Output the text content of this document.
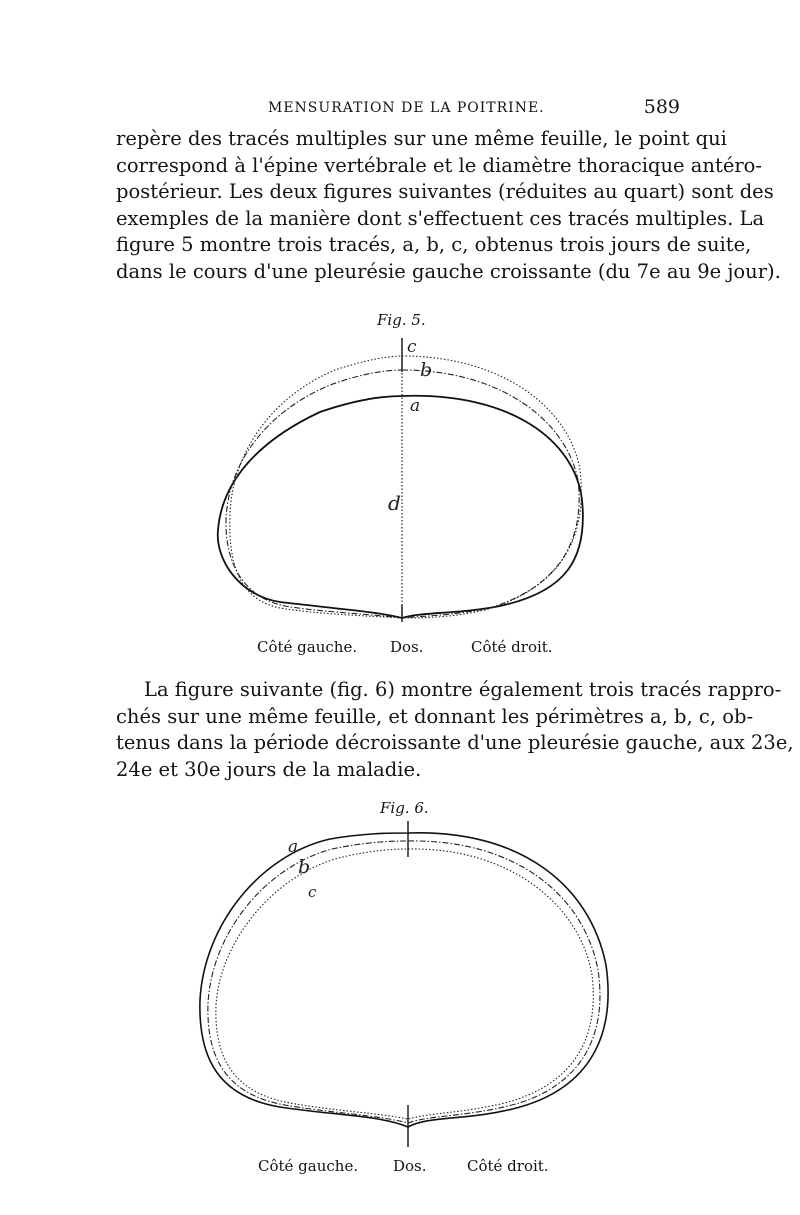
MENSURATION DE LA POITRINE.	589
repère des tracés multiples sur une même feuille, le point qui
correspond à l'épine vertébrale et le diamètre thoracique antéro-
postérieur. Les deux figures suivantes (réduites au quart) sont des
exemples de la manière dont s'effectuent ces tracés multiples. La
figure 5 montre trois tracés, a, b, c, obtenus trois jours de suite,
dans le cours d'une pleurésie gauche croissante (du 7e au 9e jour).
Fig. 5.
c
b
a
d
Côté gauche. Dos.	Côté droit.
La figure suivante (fig. 6) montre également trois tracés rappro-
chés sur une même feuille, et donnant les périmètres a, b, c, ob-
tenus dans la période décroissante d'une pleurésie gauche, aux 23e,
24e et 30e jours de la maladie.
Fig. 6.
a
b
c
Côté gauche. Dos.	Côté droit.
